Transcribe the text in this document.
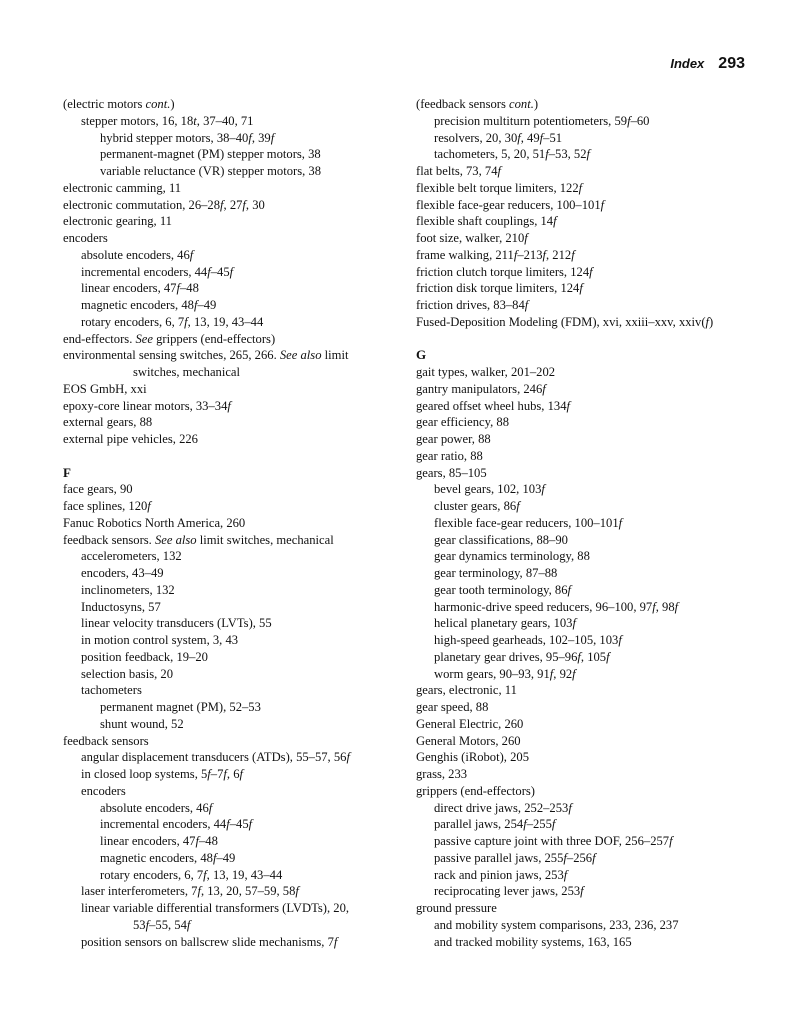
Index 293
(electric motors cont.)
stepper motors, 16, 18t, 37–40, 71
hybrid stepper motors, 38–40f, 39f
permanent-magnet (PM) stepper motors, 38
variable reluctance (VR) stepper motors, 38
electronic camming, 11
electronic commutation, 26–28f, 27f, 30
electronic gearing, 11
encoders
absolute encoders, 46f
incremental encoders, 44f–45f
linear encoders, 47f–48
magnetic encoders, 48f–49
rotary encoders, 6, 7f, 13, 19, 43–44
end-effectors. See grippers (end-effectors)
environmental sensing switches, 265, 266. See also limit
switches, mechanical
EOS GmbH, xxi
epoxy-core linear motors, 33–34f
external gears, 88
external pipe vehicles, 226
F
face gears, 90
face splines, 120f
Fanuc Robotics North America, 260
feedback sensors. See also limit switches, mechanical
accelerometers, 132
encoders, 43–49
inclinometers, 132
Inductosyns, 57
linear velocity transducers (LVTs), 55
in motion control system, 3, 43
position feedback, 19–20
selection basis, 20
tachometers
permanent magnet (PM), 52–53
shunt wound, 52
feedback sensors
angular displacement transducers (ATDs), 55–57, 56f
in closed loop systems, 5f–7f, 6f
encoders
absolute encoders, 46f
incremental encoders, 44f–45f
linear encoders, 47f–48
magnetic encoders, 48f–49
rotary encoders, 6, 7f, 13, 19, 43–44
laser interferometers, 7f, 13, 20, 57–59, 58f
linear variable differential transformers (LVDTs), 20,
53f–55, 54f
position sensors on ballscrew slide mechanisms, 7f
(feedback sensors cont.)
precision multiturn potentiometers, 59f–60
resolvers, 20, 30f, 49f–51
tachometers, 5, 20, 51f–53, 52f
flat belts, 73, 74f
flexible belt torque limiters, 122f
flexible face-gear reducers, 100–101f
flexible shaft couplings, 14f
foot size, walker, 210f
frame walking, 211f–213f, 212f
friction clutch torque limiters, 124f
friction disk torque limiters, 124f
friction drives, 83–84f
Fused-Deposition Modeling (FDM), xvi, xxiii–xxv, xxiv(f)
G
gait types, walker, 201–202
gantry manipulators, 246f
geared offset wheel hubs, 134f
gear efficiency, 88
gear power, 88
gear ratio, 88
gears, 85–105
bevel gears, 102, 103f
cluster gears, 86f
flexible face-gear reducers, 100–101f
gear classifications, 88–90
gear dynamics terminology, 88
gear terminology, 87–88
gear tooth terminology, 86f
harmonic-drive speed reducers, 96–100, 97f, 98f
helical planetary gears, 103f
high-speed gearheads, 102–105, 103f
planetary gear drives, 95–96f, 105f
worm gears, 90–93, 91f, 92f
gears, electronic, 11
gear speed, 88
General Electric, 260
General Motors, 260
Genghis (iRobot), 205
grass, 233
grippers (end-effectors)
direct drive jaws, 252–253f
parallel jaws, 254f–255f
passive capture joint with three DOF, 256–257f
passive parallel jaws, 255f–256f
rack and pinion jaws, 253f
reciprocating lever jaws, 253f
ground pressure
and mobility system comparisons, 233, 236, 237
and tracked mobility systems, 163, 165
